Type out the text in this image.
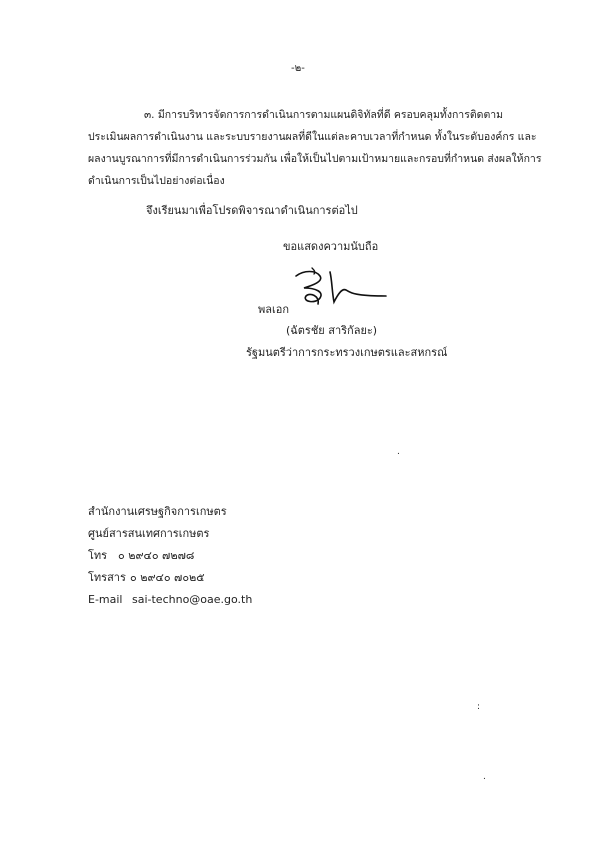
-๒-
๓. มีการบริหารจัดการการดำเนินการตามแผนดิจิทัลที่ดี ครอบคลุมทั้งการติดตาม
ประเมินผลการดำเนินงาน และระบบรายงานผลที่ดีในแต่ละคาบเวลาที่กำหนด ทั้งในระดับองค์กร และ
ผลงานบูรณาการที่มีการดำเนินการร่วมกัน เพื่อให้เป็นไปตามเป้าหมายและกรอบที่กำหนด ส่งผลให้การ
ดำเนินการเป็นไปอย่างต่อเนื่อง
จึงเรียนมาเพื่อโปรดพิจารณาดำเนินการต่อไป
ขอแสดงความนับถือ
พลเอก
(ฉัตรชัย สาริกัลยะ)
รัฐมนตรีว่าการกระทรวงเกษตรและสหกรณ์
.
:
.
สำนักงานเศรษฐกิจการเกษตร
ศูนย์สารสนเทศการเกษตร
โทร ๐ ๒๙๔๐ ๗๒๗๘
โทรสาร ๐ ๒๙๔๐ ๗๐๒๕
E-mail sai-techno@oae.go.th
